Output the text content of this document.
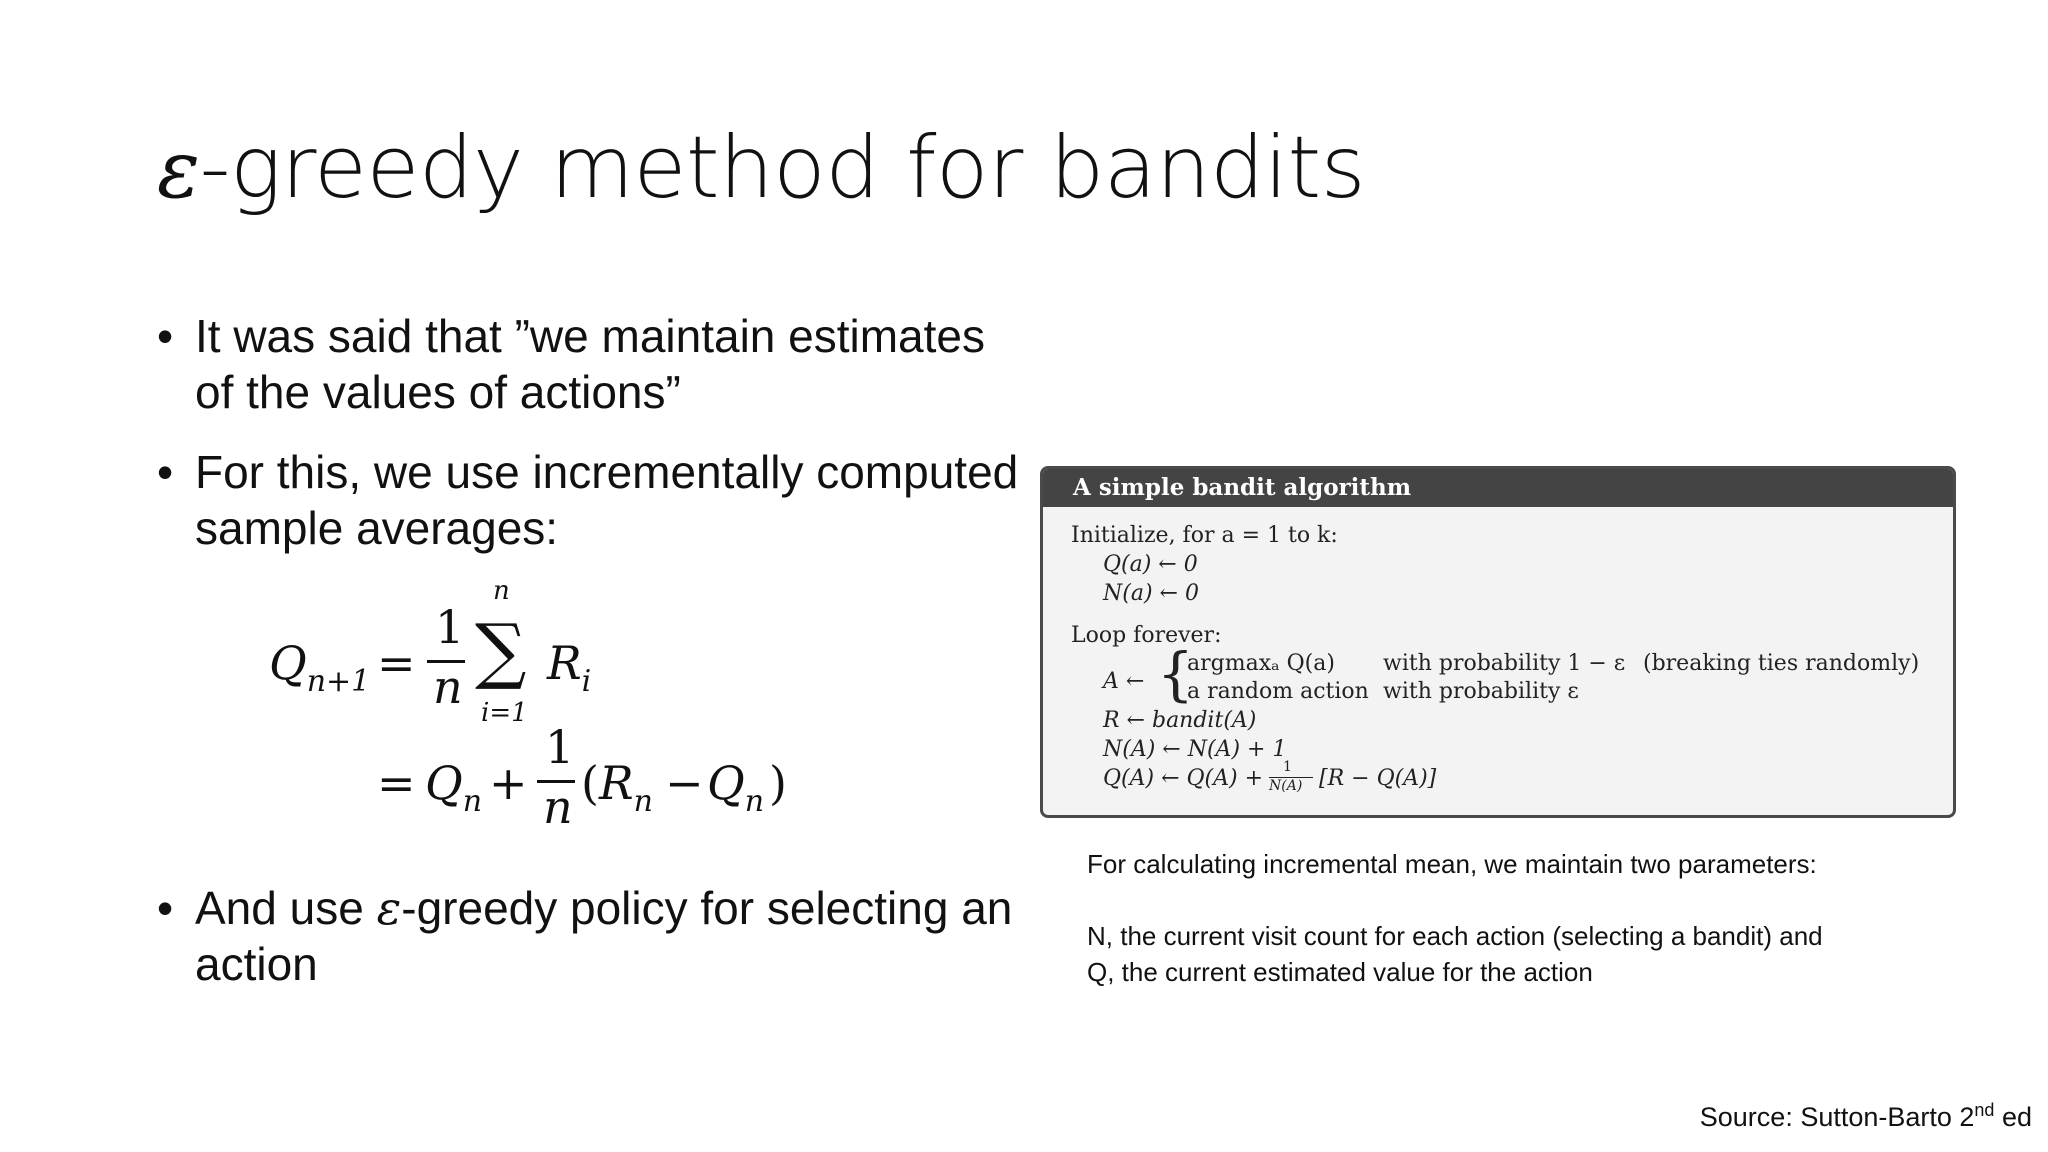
ε-greedy method for bandits
• It was said that ”we maintain estimates of the values of actions”
• For this, we use incrementally computed sample averages:
• And use ε-greedy policy for selecting an action
$Q_{n+1}$ =
1
n
n
∑
i=1
$R_i$
= $Q_n$ +
1
n ( $R_n - Q_n$ )
A simple bandit algorithm
Initialize, for a = 1 to k:
Q(a) ← 0
N(a) ← 0
Loop forever:
A ← {
argmaxₐ Q(a) with probability 1 − ε (breaking ties randomly)
a random action with probability ε
R ← bandit(A)
N(A) ← N(A) + 1
Q(A) ← Q(A) + 1
N(A) [R − Q(A)]
For calculating incremental mean, we maintain two parameters:
N, the current visit count for each action (selecting a bandit) and
Q, the current estimated value for the action
Source: Sutton-Barto 2nd ed
